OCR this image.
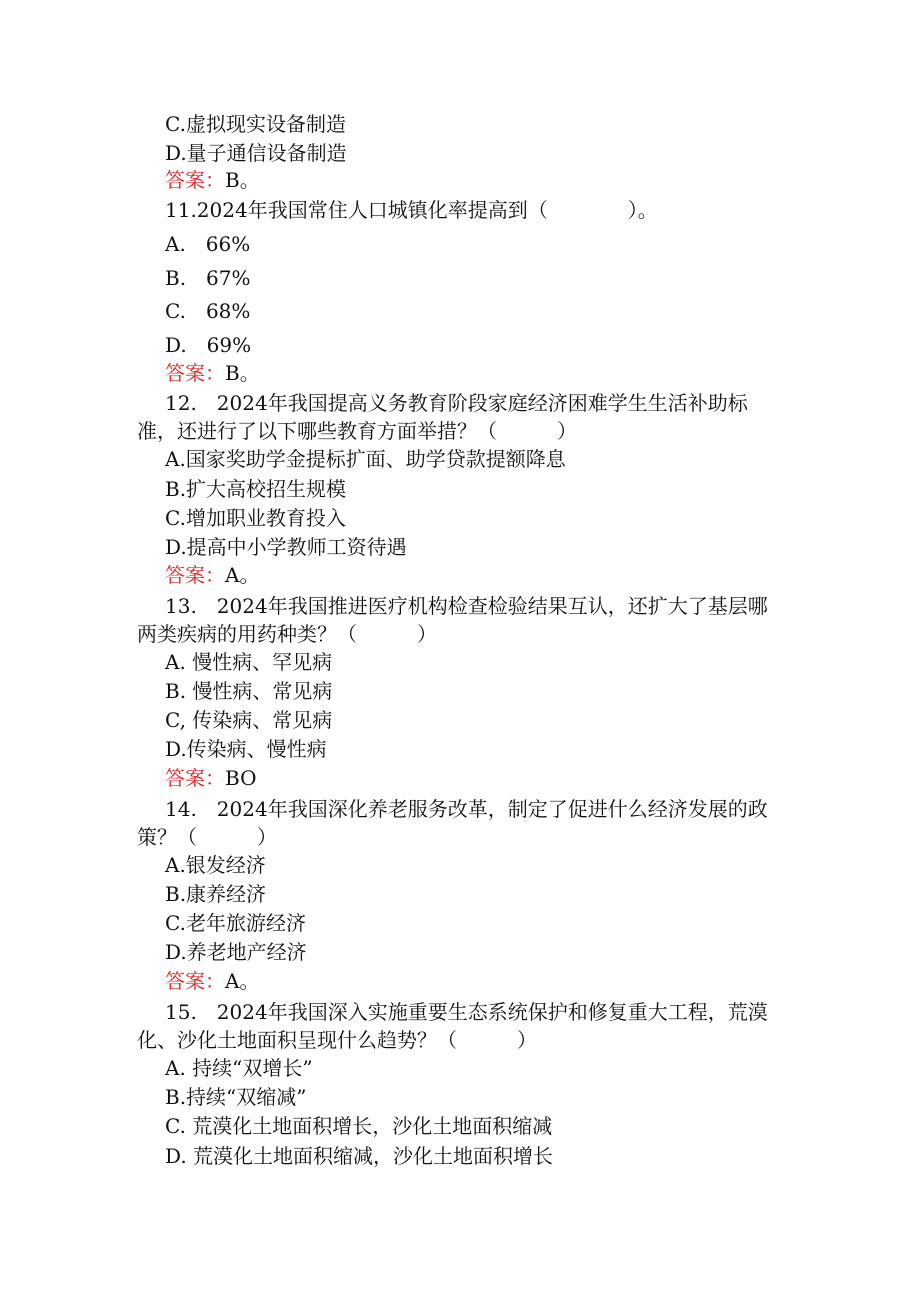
C.虚拟现实设备制造
D.量子通信设备制造
答案：B。
11.2024年我国常住人口城镇化率提高到（　　　　）。
A.　66%
B.　67%
C.　68%
D.　69%
答案：B。
12.　2024年我国提高义务教育阶段家庭经济困难学生生活补助标
准，还进行了以下哪些教育方面举措？（　　　）
A.国家奖助学金提标扩面、助学贷款提额降息
B.扩大高校招生规模
C.增加职业教育投入
D.提高中小学教师工资待遇
答案：A。
13.　2024年我国推进医疗机构检查检验结果互认，还扩大了基层哪
两类疾病的用药种类？（　　　）
A. 慢性病、罕见病
B. 慢性病、常见病
C, 传染病、常见病
D.传染病、慢性病
答案：BO
14.　2024年我国深化养老服务改革，制定了促进什么经济发展的政
策？（　　　）
A.银发经济
B.康养经济
C.老年旅游经济
D.养老地产经济
答案：A。
15.　2024年我国深入实施重要生态系统保护和修复重大工程，荒漠
化、沙化土地面积呈现什么趋势？（　　　）
A. 持续“双增长”
B.持续“双缩减”
C. 荒漠化土地面积增长，沙化土地面积缩减
D. 荒漠化土地面积缩减，沙化土地面积增长
